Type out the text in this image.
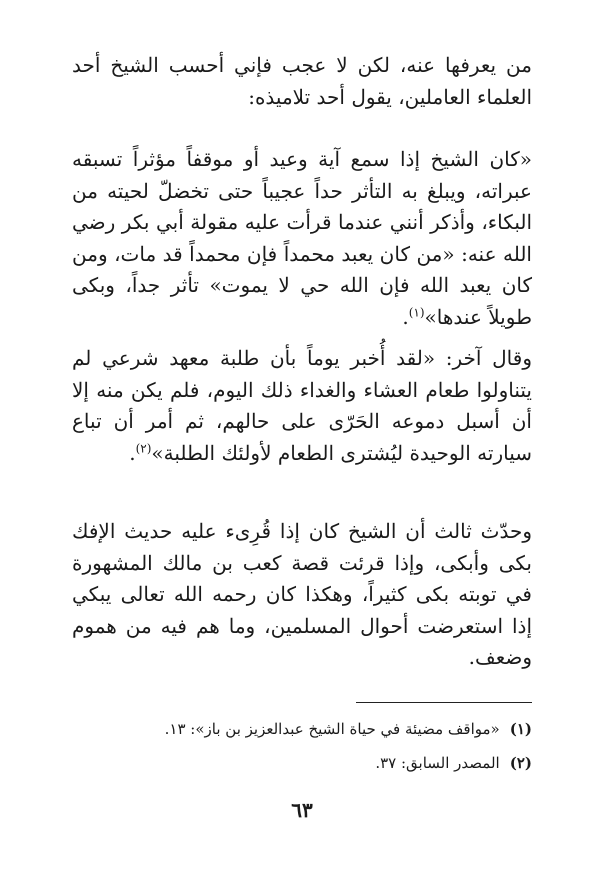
من يعرفها عنه، لكن لا عجب فإني أحسب الشيخ أحد العلماء العاملين، يقول أحد تلاميذه:

«كان الشيخ إذا سمع آية وعيد أو موقفاً مؤثراً تسبقه عبراته، ويبلغ به التأثر حداً عجيباً حتى تخضلّ لحيته من البكاء، وأذكر أنني عندما قرأت عليه مقولة أبي بكر رضي الله عنه: «من كان يعبد محمداً فإن محمداً قد مات، ومن كان يعبد الله فإن الله حي لا يموت» تأثر جداً، وبكى طويلاً عندها»$^{(١)}$.

وقال آخر: «لقد أُخبر يوماً بأن طلبة معهد شرعي لم يتناولوا طعام العشاء والغداء ذلك اليوم، فلم يكن منه إلا أن أسبل دموعه الحَرّى على حالهم، ثم أمر أن تباع سيارته الوحيدة ليُشترى الطعام لأولئك الطلبة»$^{(٢)}$.

وحدّث ثالث أن الشيخ كان إذا قُرِىء عليه حديث الإفك بكى وأبكى، وإذا قرئت قصة كعب بن مالك المشهورة في توبته بكى كثيراً، وهكذا كان رحمه الله تعالى يبكي إذا استعرضت أحوال المسلمين، وما هم فيه من هموم وضعف.

(١)«مواقف مضيئة في حياة الشيخ عبدالعزيز بن باز»: ١٣.
(٢)المصدر السابق: ٣٧.
٦٣
